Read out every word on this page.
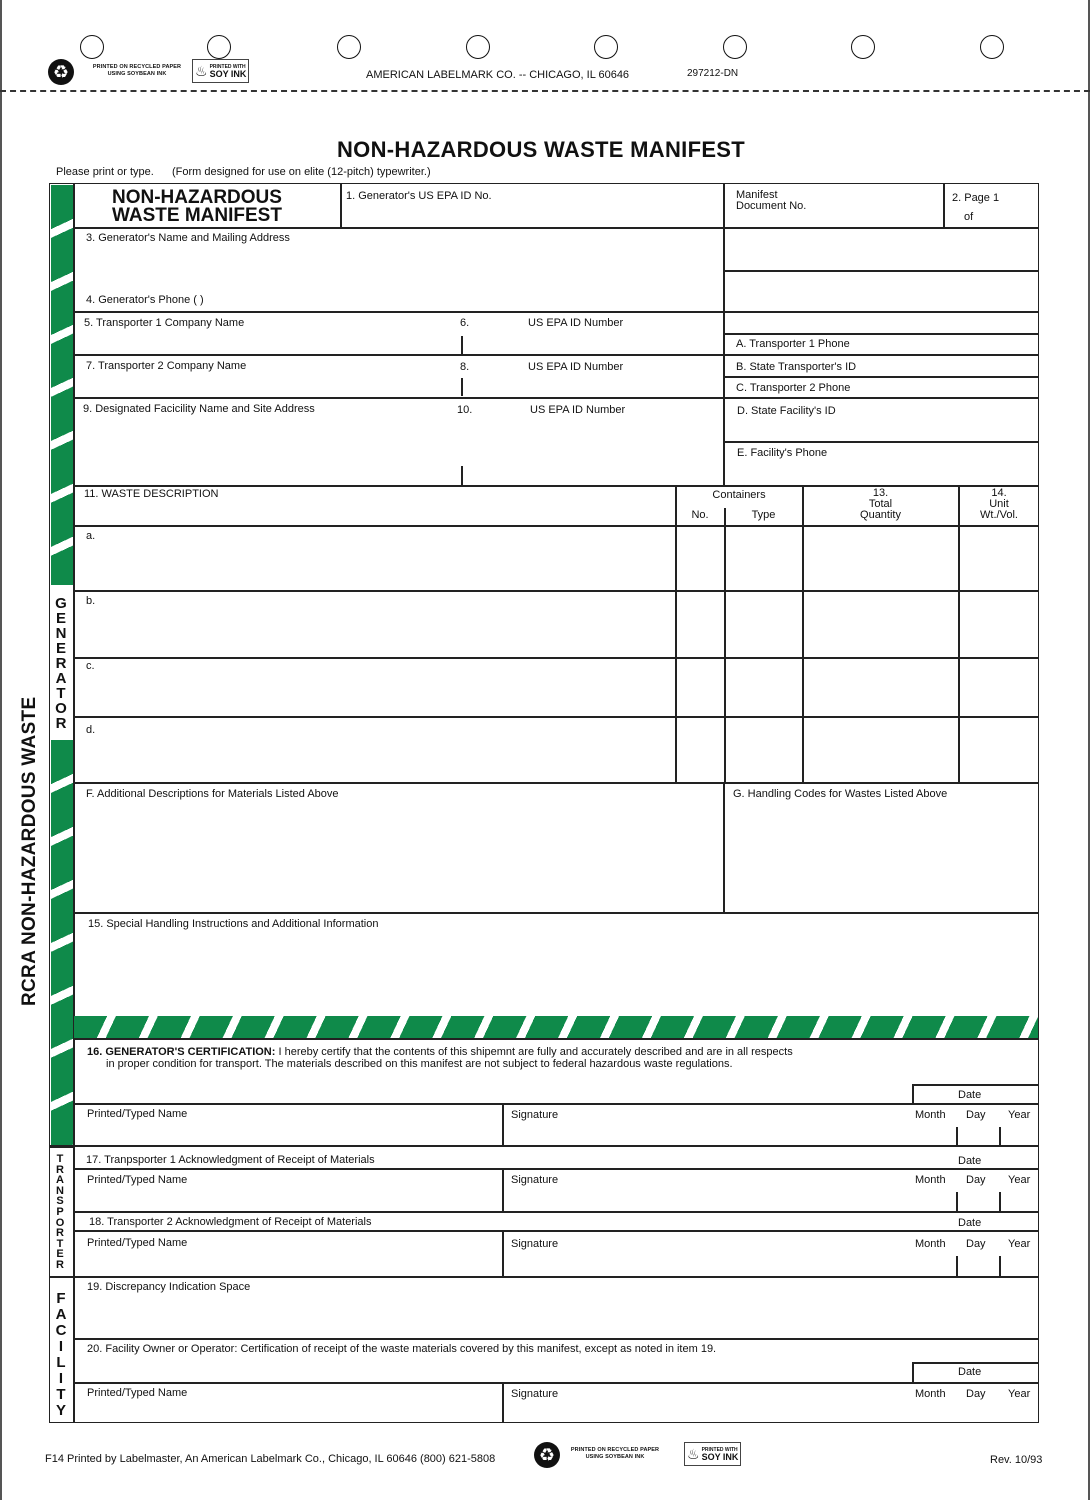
♻	PRINTED ON RECYCLED PAPER
USING SOYBEAN INK	♨ PRINTED WITH
SOY INK	AMERICAN LABELMARK CO. -- CHICAGO, IL 60646	297212-DN
NON-HAZARDOUS WASTE MANIFEST
Please print or type. (Form designed for use on elite (12-pitch) typewriter.)
G
E
N
E
R
A
T
O
R
T
R
A
N
S
P
O
R
T
E
R
F
A
C
I
L
I
T
Y
RCRA NON-HAZARDOUS WASTE
NON-HAZARDOUS
WASTE MANIFEST
1. Generator's US EPA ID No.	Manifest
Document No.
2. Page 1
of
3. Generator's Name and Mailing Address
4. Generator's Phone ( )
5. Transporter 1 Company Name	6.	US EPA ID Number
A. Transporter 1 Phone
7. Transporter 2 Company Name	8.	US EPA ID Number	B. State Transporter's ID
C. Transporter 2 Phone
9. Designated Facicility Name and Site Address	10.	US EPA ID Number	D. State Facility's ID
E. Facility's Phone
11. WASTE DESCRIPTION	Containers
No.	Type
13.
Total
Quantity
14.
Unit
Wt./Vol.
a.
b.
c.
d.
F. Additional Descriptions for Materials Listed Above	G. Handling Codes for Wastes Listed Above
15. Special Handling Instructions and Additional Information
16. GENERATOR'S CERTIFICATION: I hereby certify that the contents of this shipemnt are fully and accurately described and are in all respects
in proper condition for transport. The materials described on this manifest are not subject to federal hazardous waste regulations.
Date
Printed/Typed Name	Signature	Month Day Year
17. Tranpsporter 1 Acknowledgment of Receipt of Materials	Date
Printed/Typed Name	Signature	Month Day Year
18. Transporter 2 Acknowledgment of Receipt of Materials	Date
Printed/Typed Name	Signature	Month Day Year
19. Discrepancy Indication Space
20. Facility Owner or Operator: Certification of receipt of the waste materials covered by this manifest, except as noted in item 19.
Date
Printed/Typed Name	Signature	Month Day Year
F14 Printed by Labelmaster, An American Labelmark Co., Chicago, IL 60646 (800) 621-5808 ♻	PRINTED ON RECYCLED PAPER
USING SOYBEAN INK	♨ PRINTED WITH
SOY INK	Rev. 10/93
